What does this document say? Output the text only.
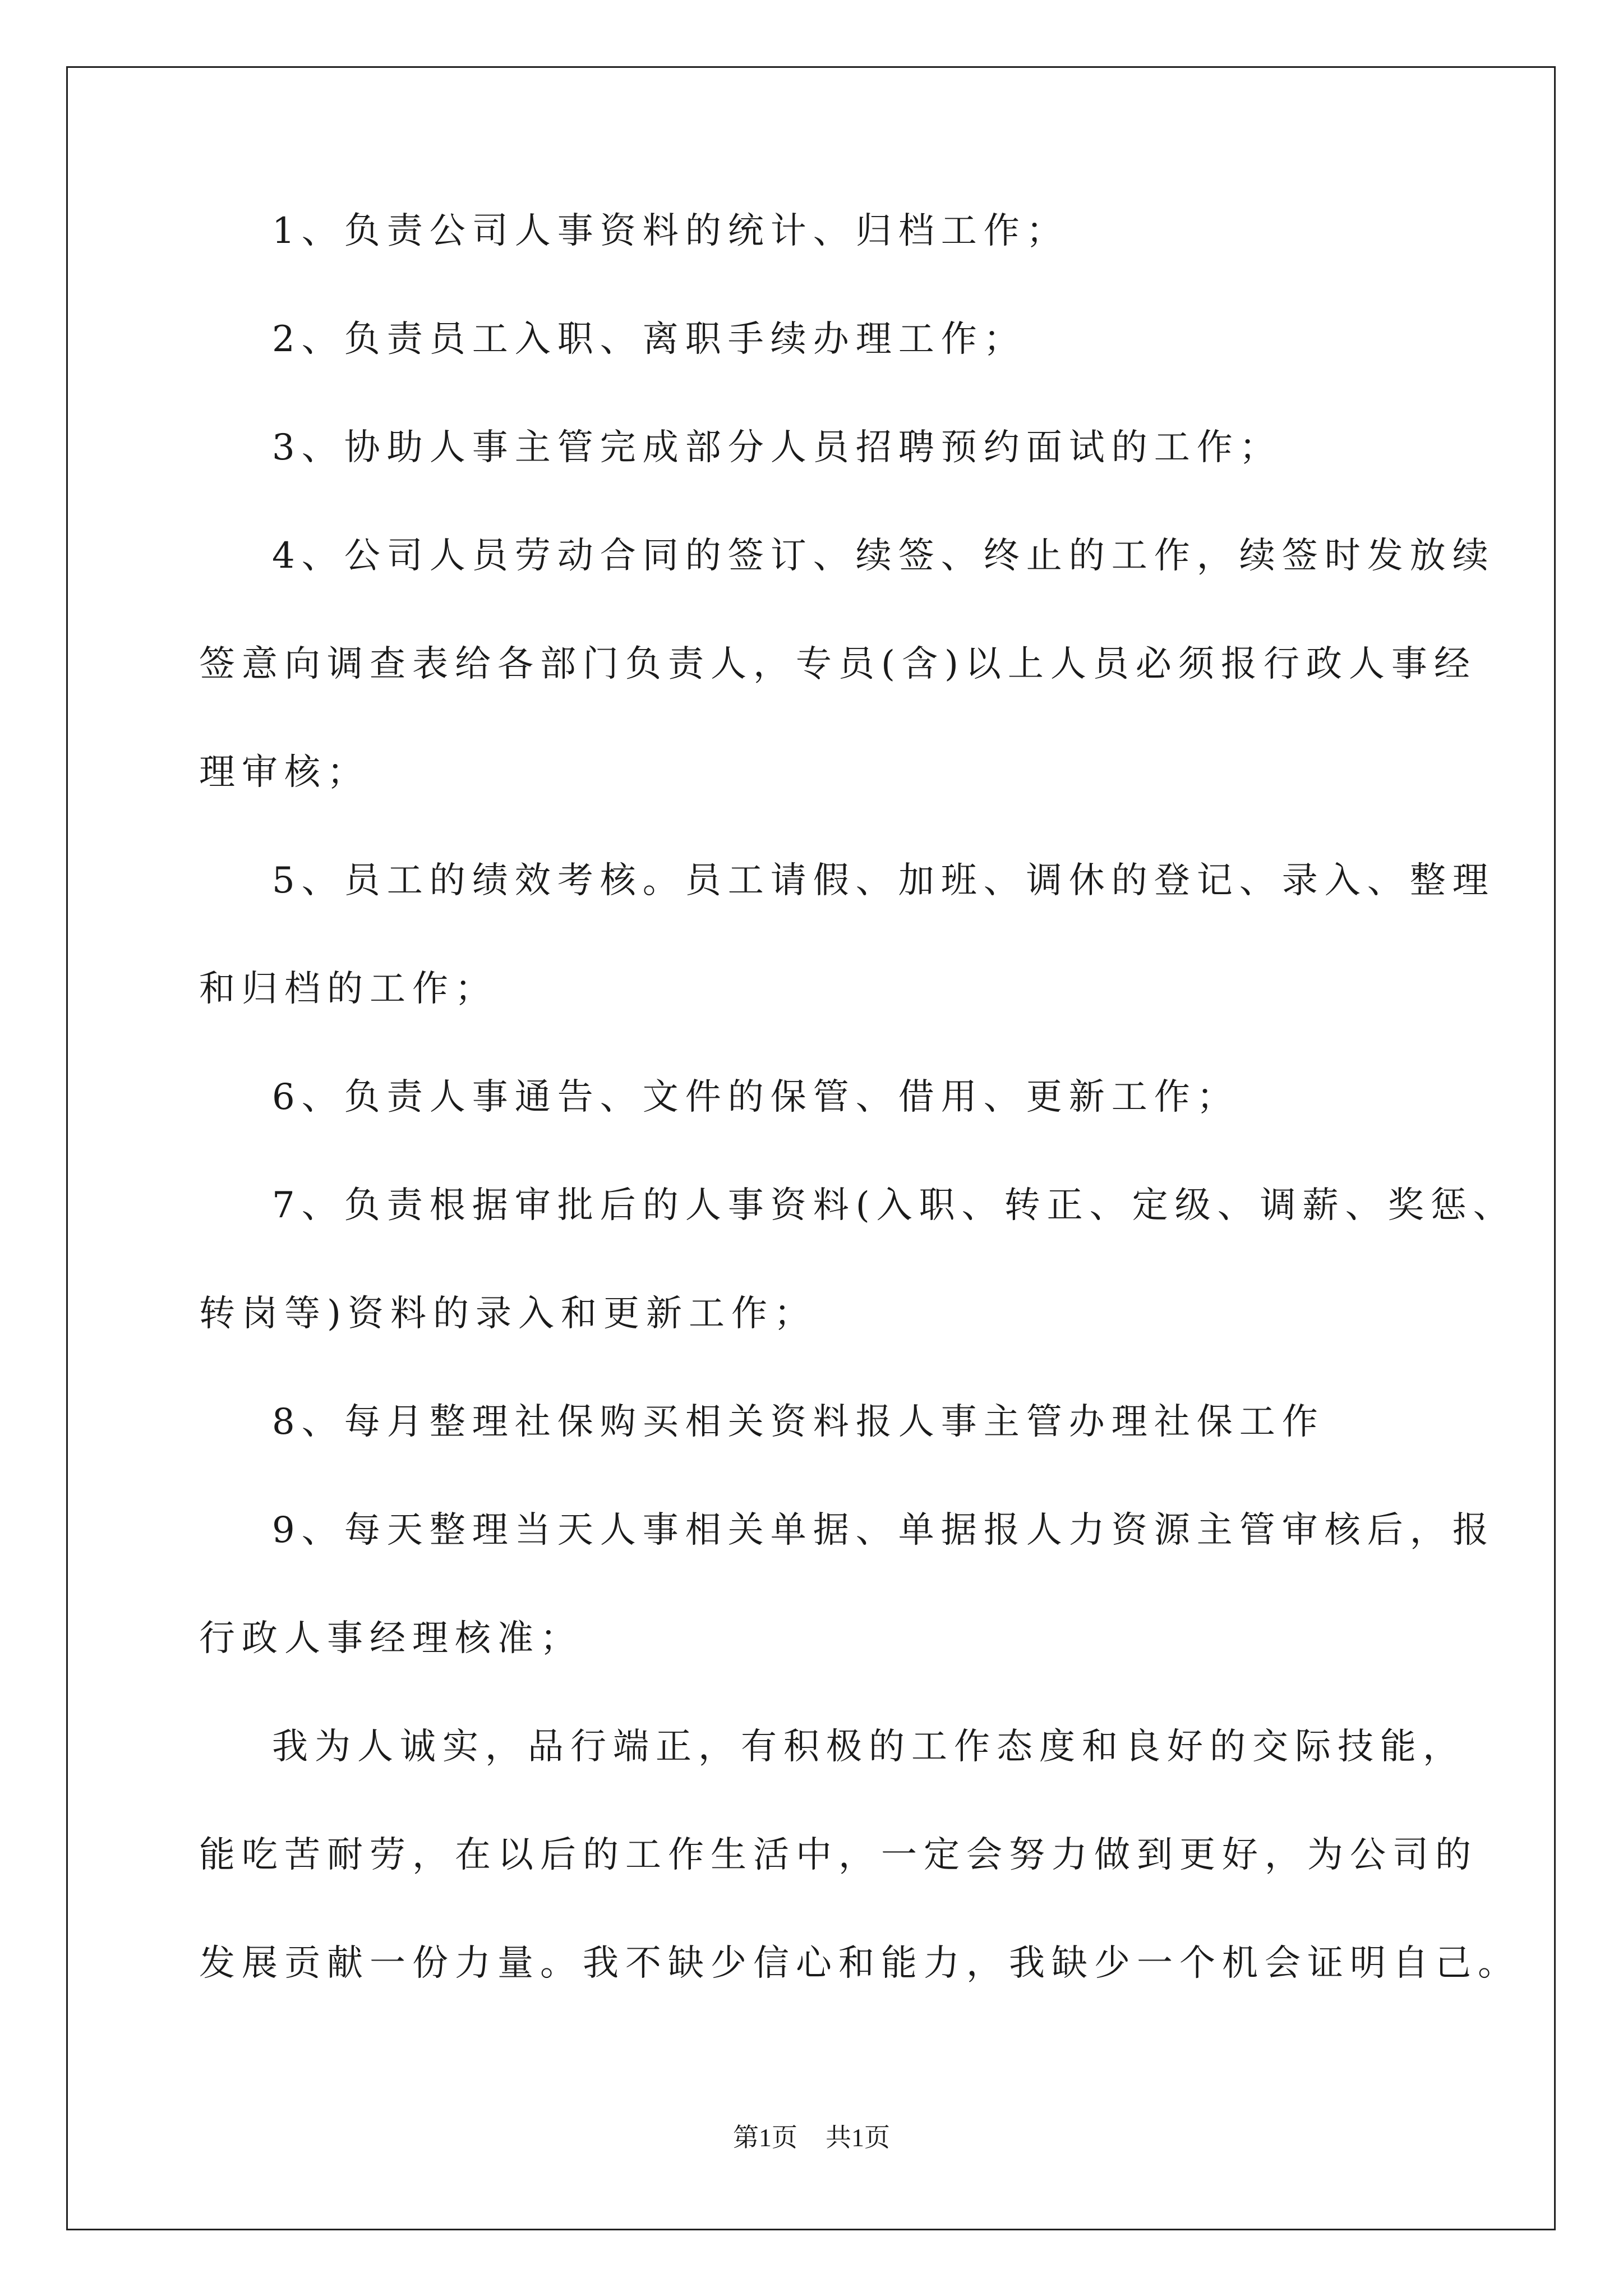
1、负责公司人事资料的统计、归档工作；
2、负责员工入职、离职手续办理工作；
3、协助人事主管完成部分人员招聘预约面试的工作；
4、公司人员劳动合同的签订、续签、终止的工作，续签时发放续
签意向调查表给各部门负责人，专员(含)以上人员必须报行政人事经
理审核；
5、员工的绩效考核。员工请假、加班、调休的登记、录入、整理
和归档的工作；
6、负责人事通告、文件的保管、借用、更新工作；
7、负责根据审批后的人事资料(入职、转正、定级、调薪、奖惩、
转岗等)资料的录入和更新工作；
8、每月整理社保购买相关资料报人事主管办理社保工作
9、每天整理当天人事相关单据、单据报人力资源主管审核后，报
行政人事经理核准；
我为人诚实，品行端正，有积极的工作态度和良好的交际技能，
能吃苦耐劳，在以后的工作生活中，一定会努力做到更好，为公司的
发展贡献一份力量。我不缺少信心和能力，我缺少一个机会证明自己。
第1页 共1页
